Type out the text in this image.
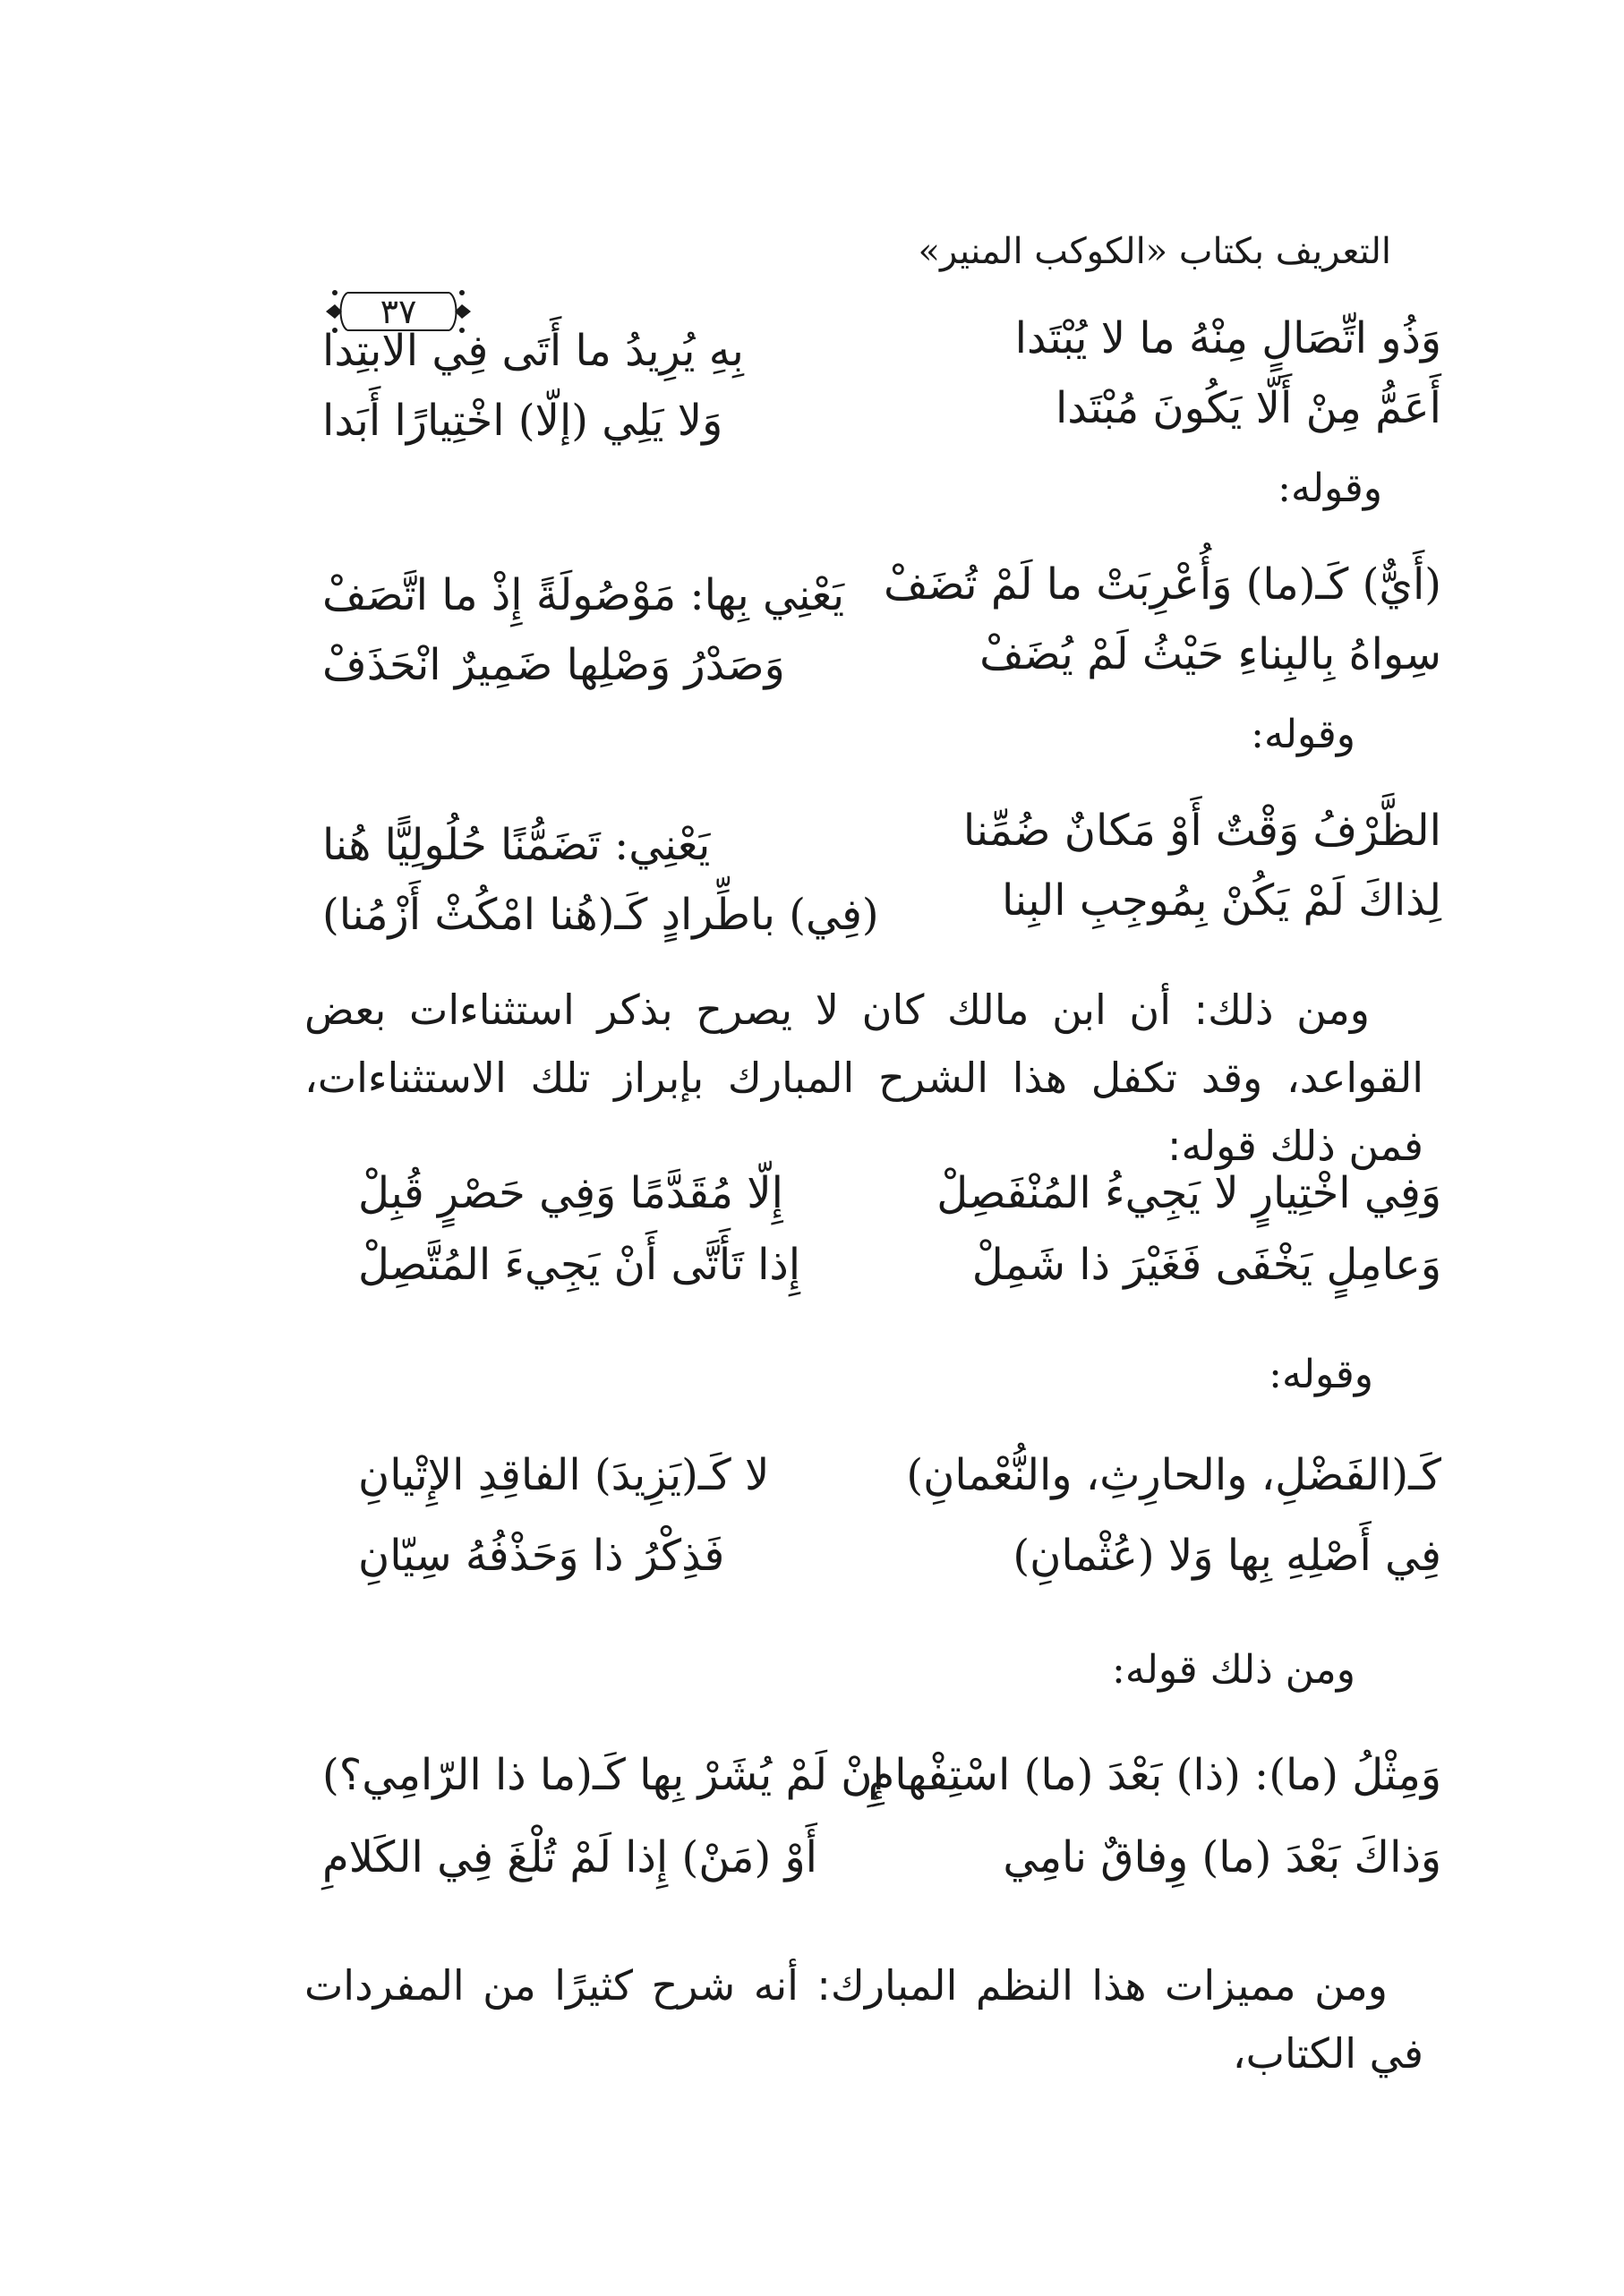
التعريف بكتاب «الكوكب المنير»
٣٧
وَذُو اتِّصَالٍ مِنْهُ ما لا يُبْتَدا
بِهِ يُرِيدُ ما أَتَى فِي الابتِدا
أَعَمُّ مِنْ أَلّا يَكُونَ مُبْتَدا
وَلا يَلِي (إلّا) اخْتِيارًا أَبَدا
وقوله:
(أَيٌّ) كَـ(ما) وَأُعْرِبَتْ ما لَمْ تُضَفْ
يَعْنِي بِها: مَوْصُولَةً إِذْ ما اتَّصَفْ
سِواهُ بِالبِناءِ حَيْثُ لَمْ يُضَفْ
وَصَدْرُ وَصْلِها ضَمِيرٌ انْحَذَفْ
وقوله:
الظَّرْفُ وَقْتٌ أَوْ مَكانٌ ضُمِّنا
يَعْنِي: تَضَمُّنًا حُلُولِيًّا هُنا
لِذاكَ لَمْ يَكُنْ بِمُوجِبِ البِنا
(فِي) باطِّرادٍ كَـ(هُنا امْكُثْ أَزْمُنا)

ومن ذلك: أن ابن مالك كان لا يصرح بذكر استثناءات بعض القواعد، وقد تكفل هذا الشرح المبارك بإبراز تلك الاستثناءات، فمن ذلك قوله:

وَفِي اخْتِيارٍ لا يَجِيءُ المُنْفَصِلْ
إِلّا مُقَدَّمًا وَفِي حَصْرٍ قُبِلْ
وَعامِلٍ يَخْفَى فَغَيْرَ ذا شَمِلْ
إِذا تَأَتَّى أَنْ يَجِيءَ المُتَّصِلْ
وقوله:
كَـ(الفَضْلِ، والحارِثِ، والنُّعْمانِ)
لا كَـ(يَزِيدَ) الفاقِدِ الإِتْيانِ
فِي أَصْلِهِ بِها وَلا (عُثْمانِ)
فَذِكْرُ ذا وَحَذْفُهُ سِيّانِ
ومن ذلك قوله:
وَمِثْلُ (ما): (ذا) بَعْدَ (ما) اسْتِفْهامِ
إِنْ لَمْ يُشَرْ بِها كَـ(ما ذا الرّامِي؟)
وَذاكَ بَعْدَ (ما) وِفاقٌ نامِي
أَوْ (مَنْ) إِذا لَمْ تُلْغَ فِي الكَلامِ

ومن مميزات هذا النظم المبارك: أنه شرح كثيرًا من المفردات في الكتاب،
